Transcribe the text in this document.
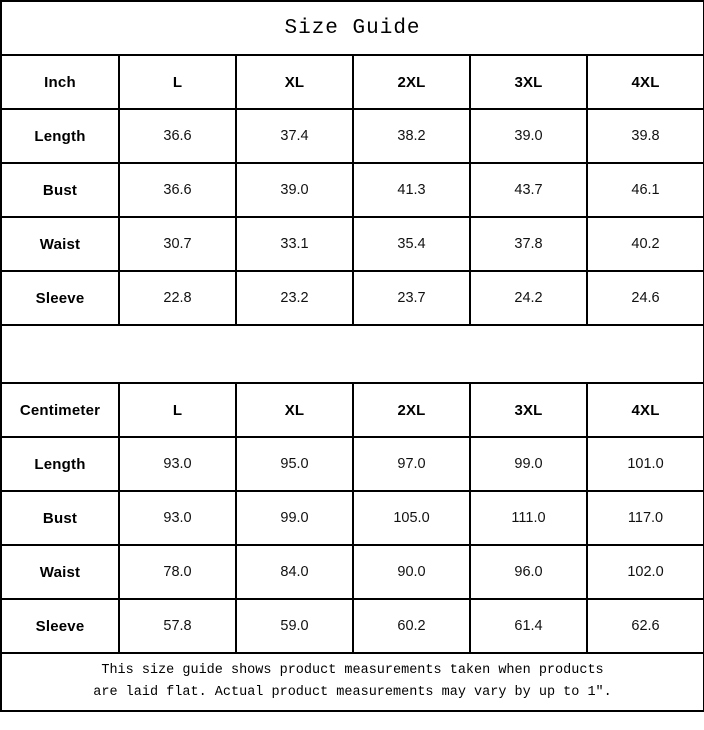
Size Guide					
Inch	L	XL	2XL	3XL	4XL
Length	36.6	37.4	38.2	39.0	39.8
Bust	36.6	39.0	41.3	43.7	46.1
Waist	30.7	33.1	35.4	37.8	40.2
Sleeve	22.8	23.2	23.7	24.2	24.6

Centimeter	L	XL	2XL	3XL	4XL
Length	93.0	95.0	97.0	99.0	101.0
Bust	93.0	99.0	105.0	111.0	117.0
Waist	78.0	84.0	90.0	96.0	102.0
Sleeve	57.8	59.0	60.2	61.4	62.6

This size guide shows product measurements taken when products
are laid flat. Actual product measurements may vary by up to 1″.					
